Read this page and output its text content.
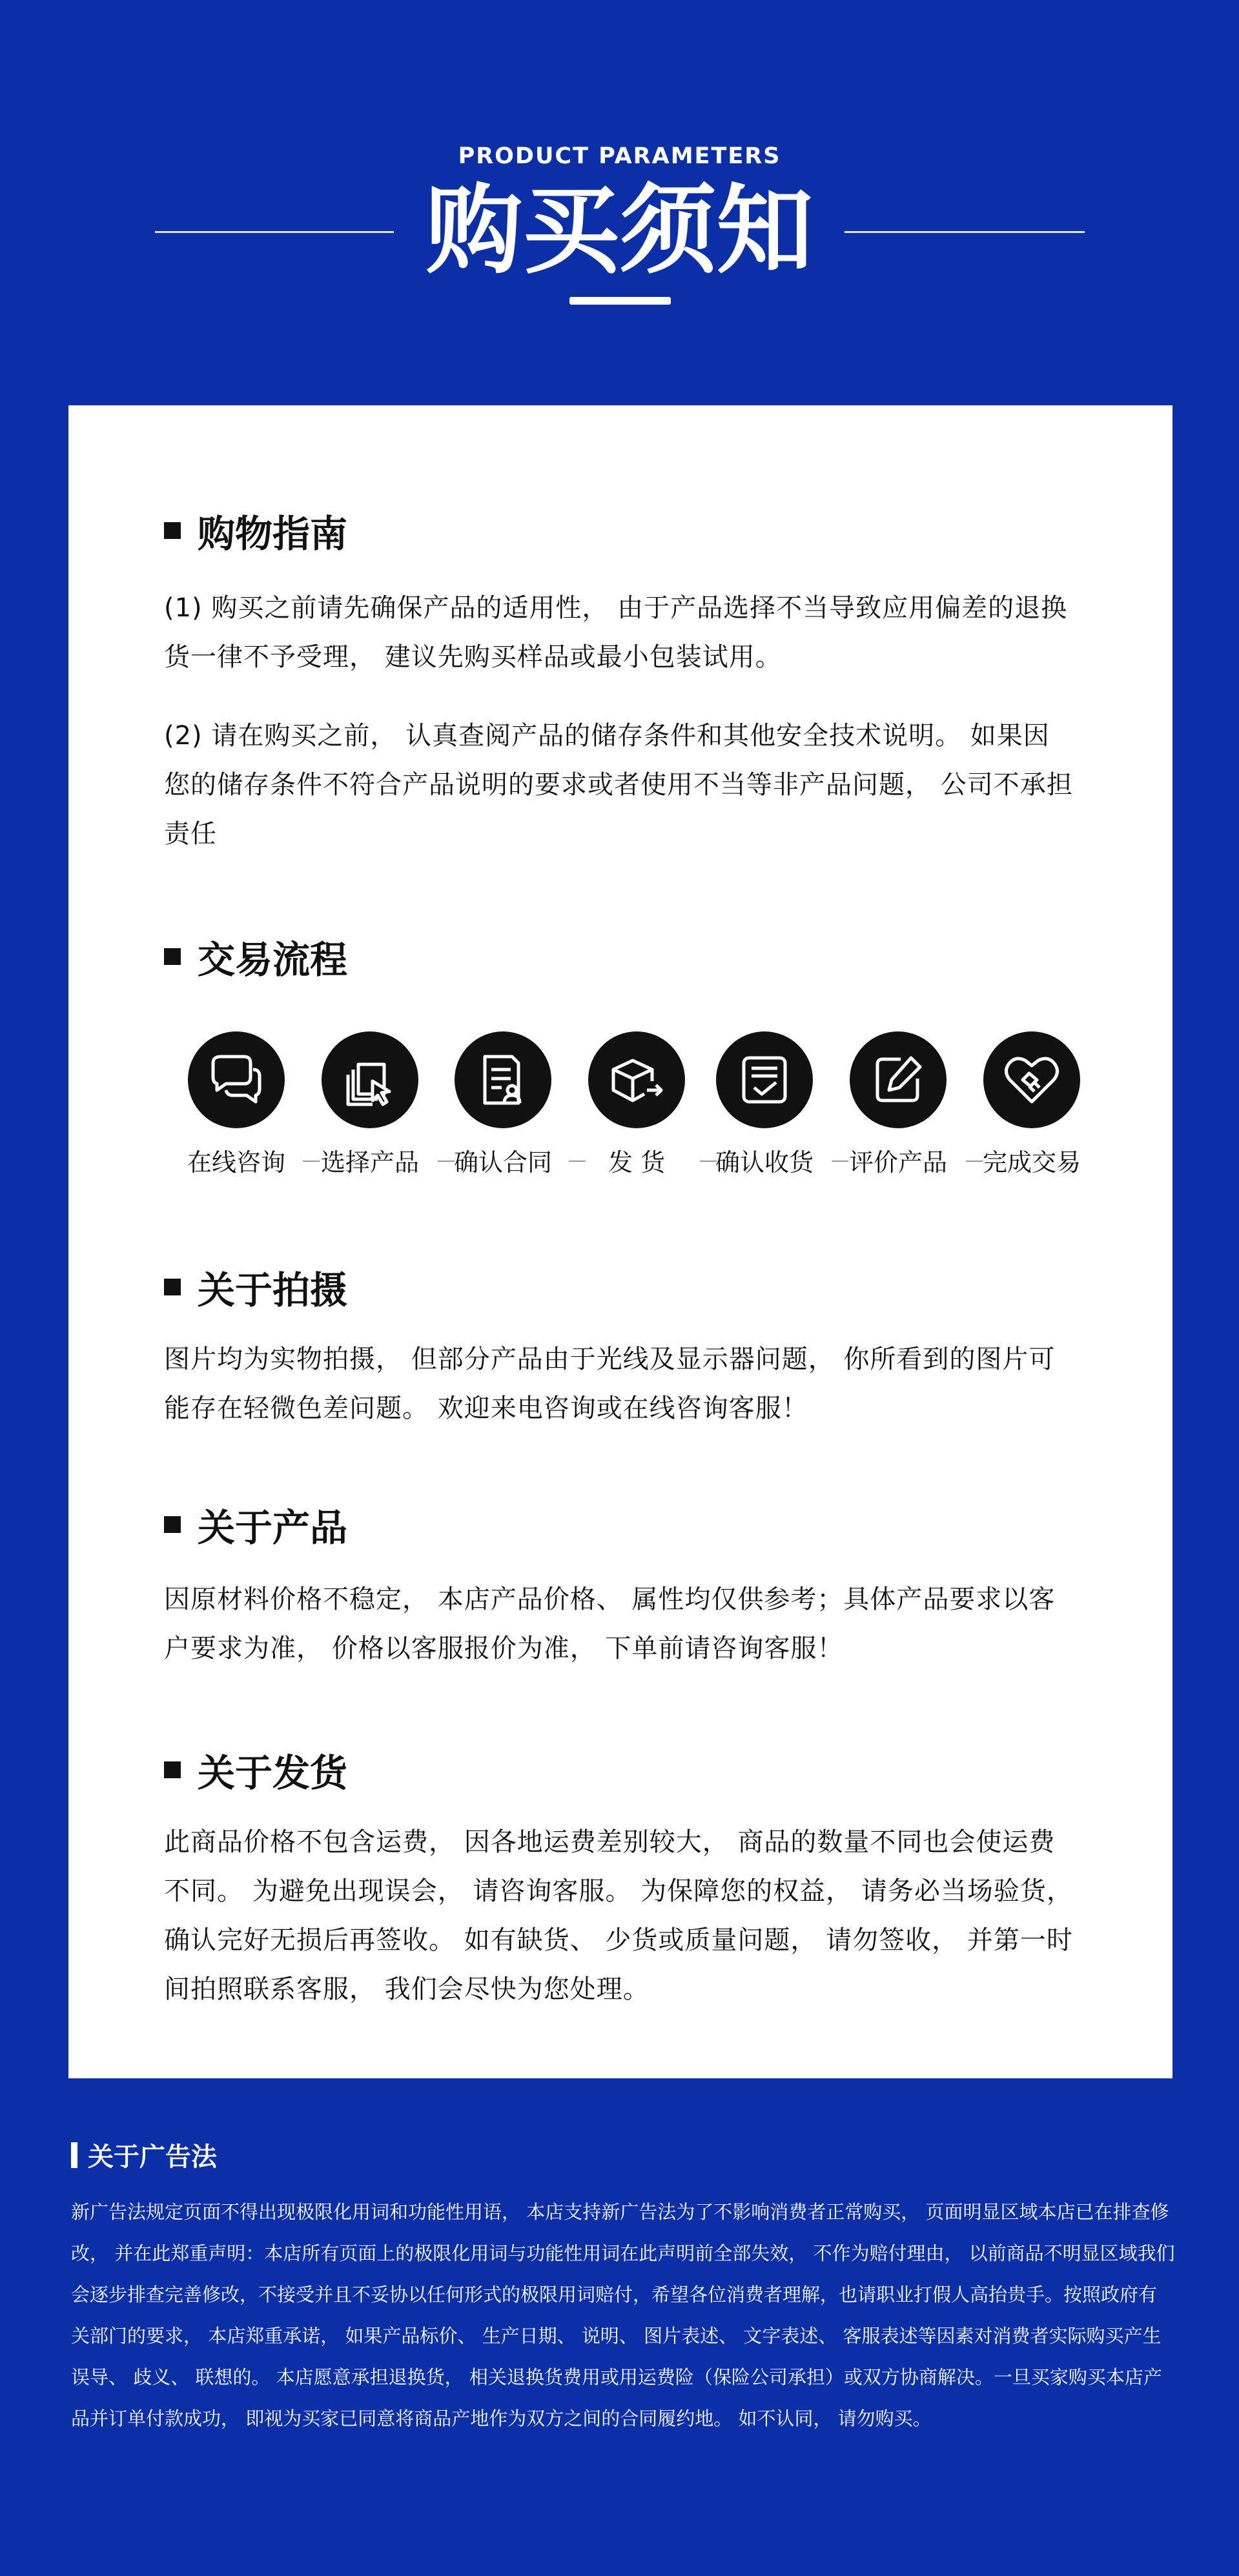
PRODUCT PARAMETERS
购买须知
购物指南
(1) 购买之前请先确保产品的适用性， 由于产品选择不当导致应用偏差的退换货一律不予受理， 建议先购买样品或最小包装试用。
(2) 请在购买之前， 认真查阅产品的储存条件和其他安全技术说明。 如果因您的储存条件不符合产品说明的要求或者使用不当等非产品问题， 公司不承担责任
交易流程
在线咨询	选择产品	确认合同	发 货	确认收货	评价产品	完成交易
关于拍摄
图片均为实物拍摄， 但部分产品由于光线及显示器问题， 你所看到的图片可能存在轻微色差问题。 欢迎来电咨询或在线咨询客服！
关于产品
因原材料价格不稳定， 本店产品价格、 属性均仅供参考；具体产品要求以客户要求为准， 价格以客服报价为准， 下单前请咨询客服！
关于发货
此商品价格不包含运费， 因各地运费差别较大， 商品的数量不同也会使运费不同。 为避免出现误会， 请咨询客服。 为保障您的权益， 请务必当场验货， 确认完好无损后再签收。 如有缺货、 少货或质量问题， 请勿签收， 并第一时间拍照联系客服， 我们会尽快为您处理。
关于广告法
新广告法规定页面不得出现极限化用词和功能性用语， 本店支持新广告法为了不影响消费者正常购买， 页面明显区域本店已在排查修改， 并在此郑重声明：本店所有页面上的极限化用词与功能性用词在此声明前全部失效， 不作为赔付理由， 以前商品不明显区域我们会逐步排查完善修改，不接受并且不妥协以任何形式的极限用词赔付，希望各位消费者理解，也请职业打假人高抬贵手。按照政府有关部门的要求， 本店郑重承诺， 如果产品标价、 生产日期、 说明、 图片表述、 文字表述、 客服表述等因素对消费者实际购买产生误导、 歧义、 联想的。 本店愿意承担退换货， 相关退换货费用或用运费险（保险公司承担）或双方协商解决。一旦买家购买本店产品并订单付款成功， 即视为买家已同意将商品产地作为双方之间的合同履约地。 如不认同， 请勿购买。
